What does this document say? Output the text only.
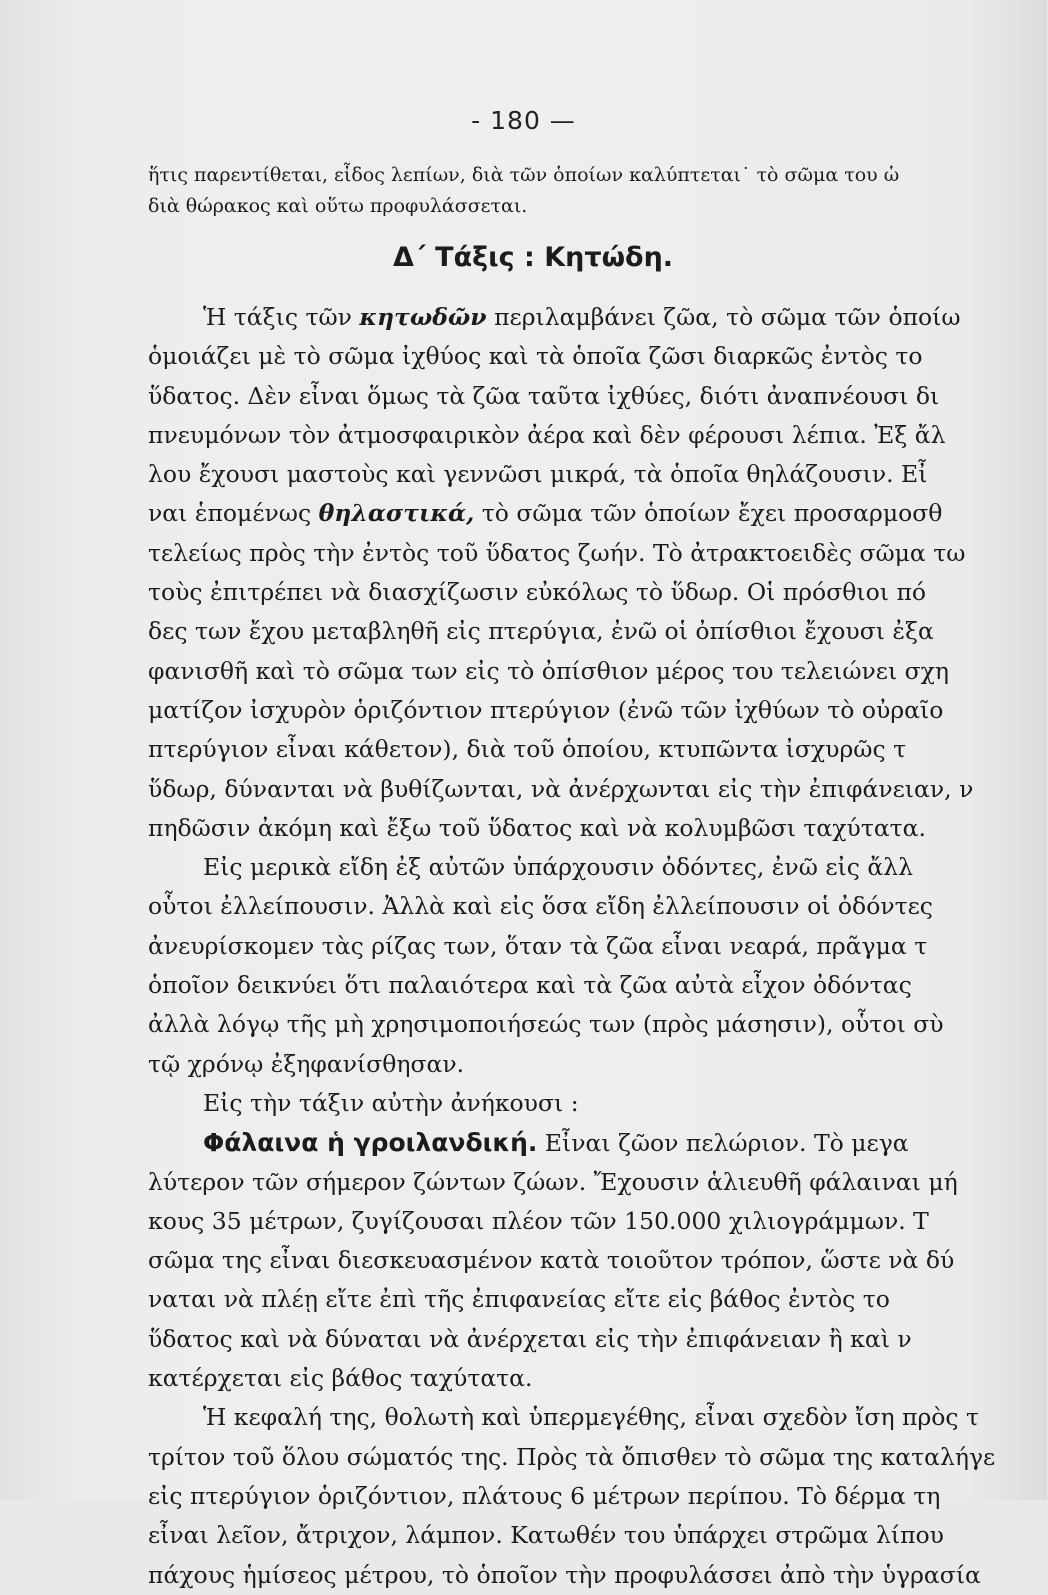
- 180 —
ἥτις παρεντίθεται, εἶδος λεπίων, διὰ τῶν ὁποίων καλύπτεται˙ τὸ σῶμα του ὡ
διὰ θώρακος καὶ οὕτω προφυλάσσεται.
Δ΄ Τάξις : Κητώδη.
Ἡ τάξις τῶν κητωδῶν περιλαμβάνει ζῶα, τὸ σῶμα τῶν ὁποίω
ὁμοιάζει μὲ τὸ σῶμα ἰχθύος καὶ τὰ ὁποῖα ζῶσι διαρκῶς ἐντὸς το
ὕδατος. Δὲν εἶναι ὅμως τὰ ζῶα ταῦτα ἰχθύες, διότι ἀναπνέουσι δι
πνευμόνων τὸν ἀτμοσφαιρικὸν ἀέρα καὶ δὲν φέρουσι λέπια. Ἐξ ἄλ
λου ἔχουσι μαστοὺς καὶ γεννῶσι μικρά, τὰ ὁποῖα θηλάζουσιν. Εἶ
ναι ἑπομένως θηλαστικά, τὸ σῶμα τῶν ὁποίων ἔχει προσαρμοσθ
τελείως πρὸς τὴν ἐντὸς τοῦ ὕδατος ζωήν. Τὸ ἀτρακτοειδὲς σῶμα τω
τοὺς ἐπιτρέπει νὰ διασχίζωσιν εὐκόλως τὸ ὕδωρ. Οἱ πρόσθιοι πό
δες των ἔχου μεταβληθῆ εἰς πτερύγια, ἐνῶ οἱ ὀπίσθιοι ἔχουσι ἐξα
φανισθῆ καὶ τὸ σῶμα των εἰς τὸ ὀπίσθιον μέρος του τελειώνει σχη
ματίζον ἰσχυρὸν ὁριζόντιον πτερύγιον (ἐνῶ τῶν ἰχθύων τὸ οὐραῖο
πτερύγιον εἶναι κάθετον), διὰ τοῦ ὁποίου, κτυπῶντα ἰσχυρῶς τ
ὕδωρ, δύνανται νὰ βυθίζωνται, νὰ ἀνέρχωνται εἰς τὴν ἐπιφάνειαν, ν
πηδῶσιν ἀκόμη καὶ ἔξω τοῦ ὕδατος καὶ νὰ κολυμβῶσι ταχύτατα.
Εἰς μερικὰ εἴδη ἐξ αὐτῶν ὑπάρχουσιν ὀδόντες, ἐνῶ εἰς ἄλλ
οὗτοι ἐλλείπουσιν. Ἀλλὰ καὶ εἰς ὅσα εἴδη ἐλλείπουσιν οἱ ὀδόντες
ἀνευρίσκομεν τὰς ρίζας των, ὅταν τὰ ζῶα εἶναι νεαρά, πρᾶγμα τ
ὁποῖον δεικνύει ὅτι παλαιότερα καὶ τὰ ζῶα αὐτὰ εἶχον ὀδόντας
ἀλλὰ λόγῳ τῆς μὴ χρησιμοποιήσεώς των (πρὸς μάσησιν), οὗτοι σὺ
τῷ χρόνῳ ἐξηφανίσθησαν.
Εἰς τὴν τάξιν αὐτὴν ἀνήκουσι :
Φάλαινα ἡ γροιλανδική. Εἶναι ζῶον πελώριον. Τὸ μεγα
λύτερον τῶν σήμερον ζώντων ζώων. Ἔχουσιν ἁλιευθῆ φάλαιναι μή
κους 35 μέτρων, ζυγίζουσαι πλέον τῶν 150.000 χιλιογράμμων. Τ
σῶμα της εἶναι διεσκευασμένον κατὰ τοιοῦτον τρόπον, ὥστε νὰ δύ
ναται νὰ πλέῃ εἴτε ἐπὶ τῆς ἐπιφανείας εἴτε εἰς βάθος ἐντὸς το
ὕδατος καὶ νὰ δύναται νὰ ἀνέρχεται εἰς τὴν ἐπιφάνειαν ἢ καὶ ν
κατέρχεται εἰς βάθος ταχύτατα.
Ἡ κεφαλή της, θολωτὴ καὶ ὑπερμεγέθης, εἶναι σχεδὸν ἴση πρὸς τ
τρίτον τοῦ ὅλου σώματός της. Πρὸς τὰ ὄπισθεν τὸ σῶμα της καταλήγε
εἰς πτερύγιον ὁριζόντιον, πλάτους 6 μέτρων περίπου. Τὸ δέρμα τη
εἶναι λεῖον, ἄτριχον, λάμπον. Κατωθέν του ὑπάρχει στρῶμα λίπου
πάχους ἡμίσεος μέτρου, τὸ ὁποῖον τὴν προφυλάσσει ἀπὸ τὴν ὑγρασία
